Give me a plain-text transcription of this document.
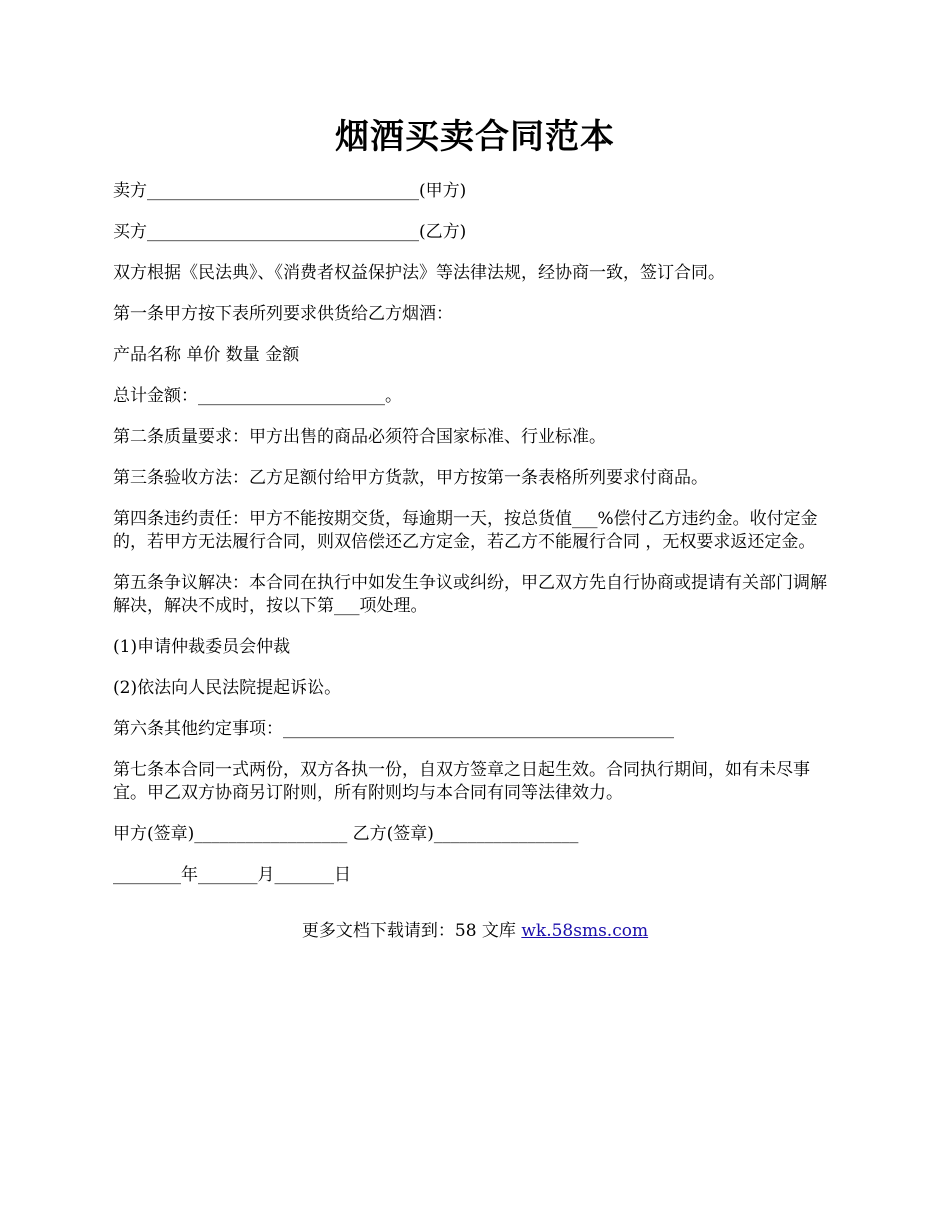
烟酒买卖合同范本

卖方________________________________(甲方)

买方________________________________(乙方)

双方根据《民法典》、《消费者权益保护法》等法律法规，经协商一致，签订合同。

第一条甲方按下表所列要求供货给乙方烟酒：

产品名称 单价 数量 金额

总计金额：______________________。

第二条质量要求：甲方出售的商品必须符合国家标准、行业标准。

第三条验收方法：乙方足额付给甲方货款，甲方按第一条表格所列要求付商品。

第四条违约责任：甲方不能按期交货，每逾期一天，按总货值___%偿付乙方违约金。收付定金的，若甲方无法履行合同，则双倍偿还乙方定金，若乙方不能履行合同 ，无权要求返还定金。

第五条争议解决：本合同在执行中如发生争议或纠纷，甲乙双方先自行协商或提请有关部门调解解决，解决不成时，按以下第___项处理。

(1)申请仲裁委员会仲裁

(2)依法向人民法院提起诉讼。

第六条其他约定事项：______________________________________________

第七条本合同一式两份，双方各执一份，自双方签章之日起生效。合同执行期间，如有未尽事宜。甲乙双方协商另订附则，所有附则均与本合同有同等法律效力。

甲方(签章)__________________ 乙方(签章)_________________

________年_______月_______日

更多文档下载请到：58 文库 wk.58sms.com
